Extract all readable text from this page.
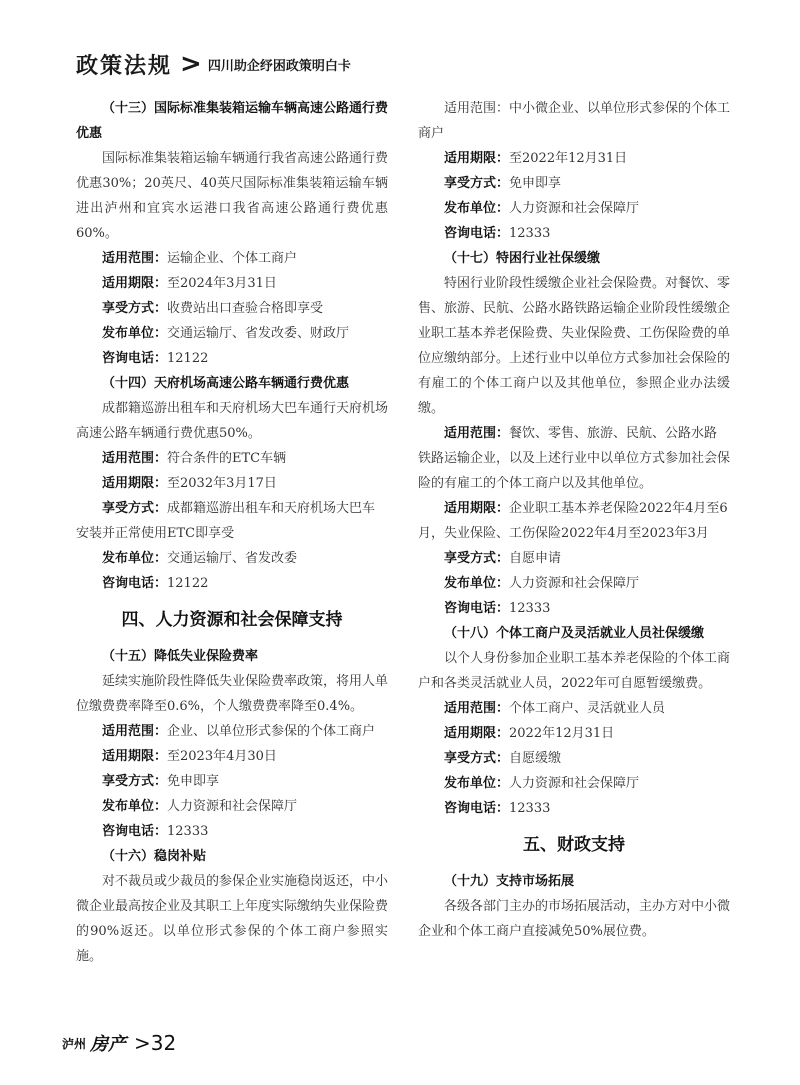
政策法规 > 四川助企纾困政策明白卡

（十三）国际标准集装箱运输车辆高速公路通行费优惠

国际标准集装箱运输车辆通行我省高速公路通行费优惠30%；20英尺、40英尺国际标准集装箱运输车辆进出泸州和宜宾水运港口我省高速公路通行费优惠60%。

适用范围：运输企业、个体工商户

适用期限：至2024年3月31日

享受方式：收费站出口查验合格即享受

发布单位：交通运输厅、省发改委、财政厅

咨询电话：12122

（十四）天府机场高速公路车辆通行费优惠

成都籍巡游出租车和天府机场大巴车通行天府机场高速公路车辆通行费优惠50%。

适用范围：符合条件的ETC车辆

适用期限：至2032年3月17日

享受方式：成都籍巡游出租车和天府机场大巴车安装并正常使用ETC即享受

发布单位：交通运输厅、省发改委

咨询电话：12122

四、人力资源和社会保障支持

（十五）降低失业保险费率

延续实施阶段性降低失业保险费率政策，将用人单位缴费费率降至0.6%，个人缴费费率降至0.4%。

适用范围：企业、以单位形式参保的个体工商户

适用期限：至2023年4月30日

享受方式：免申即享

发布单位：人力资源和社会保障厅

咨询电话：12333

（十六）稳岗补贴

对不裁员或少裁员的参保企业实施稳岗返还，中小微企业最高按企业及其职工上年度实际缴纳失业保险费的90%返还。以单位形式参保的个体工商户参照实施。

适用范围：中小微企业、以单位形式参保的个体工商户

适用期限：至2022年12月31日

享受方式：免申即享

发布单位：人力资源和社会保障厅

咨询电话：12333

（十七）特困行业社保缓缴

特困行业阶段性缓缴企业社会保险费。对餐饮、零售、旅游、民航、公路水路铁路运输企业阶段性缓缴企业职工基本养老保险费、失业保险费、工伤保险费的单位应缴纳部分。上述行业中以单位方式参加社会保险的有雇工的个体工商户以及其他单位，参照企业办法缓缴。

适用范围：餐饮、零售、旅游、民航、公路水路铁路运输企业，以及上述行业中以单位方式参加社会保险的有雇工的个体工商户以及其他单位。

适用期限：企业职工基本养老保险2022年4月至6月，失业保险、工伤保险2022年4月至2023年3月

享受方式：自愿申请

发布单位：人力资源和社会保障厅

咨询电话：12333

（十八）个体工商户及灵活就业人员社保缓缴

以个人身份参加企业职工基本养老保险的个体工商户和各类灵活就业人员，2022年可自愿暂缓缴费。

适用范围：个体工商户、灵活就业人员

适用期限：2022年12月31日

享受方式：自愿缓缴

发布单位：人力资源和社会保障厅

咨询电话：12333

五、财政支持

（十九）支持市场拓展

各级各部门主办的市场拓展活动，主办方对中小微企业和个体工商户直接减免50%展位费。

泸州 房产 >32
